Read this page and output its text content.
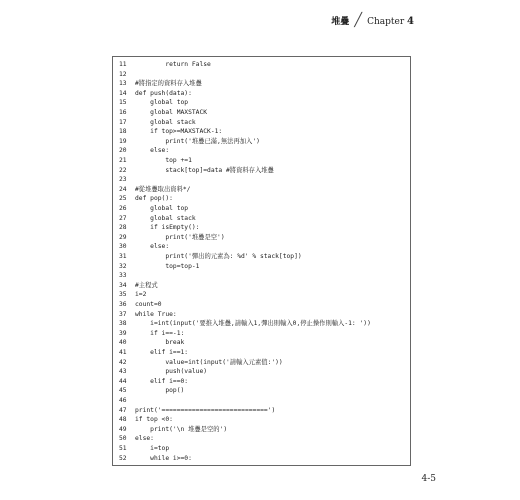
堆疊 ╱ Chapter 4
11	return False
12
13	#將指定的資料存入堆疊
14	def push(data):
15	global top
16	global MAXSTACK
17	global stack
18	if top>=MAXSTACK-1:
19	print('堆疊已滿,無法再加入')
20	else:
21	top +=1
22	stack[top]=data #將資料存入堆疊
23
24	#從堆疊取出資料*/
25	def pop():
26	global top
27	global stack
28	if isEmpty():
29	print('堆疊是空')
30	else:
31	print('彈出的元素為: %d' % stack[top])
32	top=top-1
33
34	#主程式
35	i=2
36	count=0
37	while True:
38	i=int(input('要推入堆疊,請輸入1,彈出則輸入0,停止操作則輸入-1: '))
39	if i==-1:
40	break
41	elif i==1:
42	value=int(input('請輸入元素值:'))
43	push(value)
44	elif i==0:
45	pop()
46
47	print('============================')
48	if top <0:
49	print('\n 堆疊是空的')
50	else:
51	i=top
52	while i>=0:
4-5
